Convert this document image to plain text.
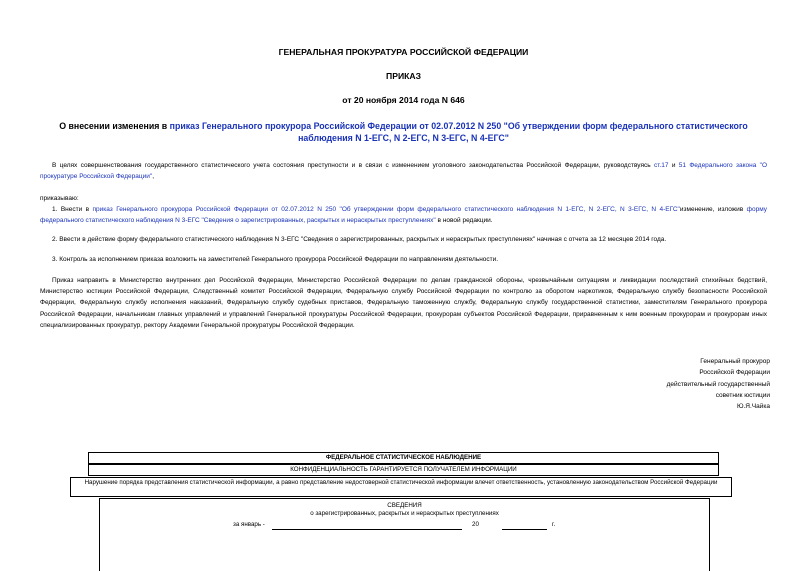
ГЕНЕРАЛЬНАЯ ПРОКУРАТУРА РОССИЙСКОЙ ФЕДЕРАЦИИ
ПРИКАЗ
от 20 ноября 2014 года N 646
О внесении изменения в приказ Генерального прокурора Российской Федерации от 02.07.2012 N 250 "Об утверждении форм федерального статистического наблюдения N 1-ЕГС, N 2-ЕГС, N 3-ЕГС, N 4-ЕГС"
В целях совершенствования государственного статистического учета состояния преступности и в связи с изменением уголовного законодательства Российской Федерации, руководствуясь ст.17 и 51 Федерального закона "О прокуратуре Российской Федерации",
приказываю:
1. Внести в приказ Генерального прокурора Российской Федерации от 02.07.2012 N 250 "Об утверждении форм федерального статистического наблюдения N 1-ЕГС, N 2-ЕГС, N 3-ЕГС, N 4-ЕГС"изменение, изложив форму федерального статистического наблюдения N 3-ЕГС "Сведения о зарегистрированных, раскрытых и нераскрытых преступлениях" в новой редакции.
2. Ввести в действие форму федерального статистического наблюдения N 3-ЕГС "Сведения о зарегистрированных, раскрытых и нераскрытых преступлениях" начиная с отчета за 12 месяцев 2014 года.
3. Контроль за исполнением приказа возложить на заместителей Генерального прокурора Российской Федерации по направлениям деятельности.
Приказ направить в Министерство внутренних дел Российской Федерации, Министерство Российской Федерации по делам гражданской обороны, чрезвычайным ситуациям и ликвидации последствий стихийных бедствий, Министерство юстиции Российской Федерации, Следственный комитет Российской Федерации, Федеральную службу Российской Федерации по контролю за оборотом наркотиков, Федеральную службу безопасности Российской Федерации, Федеральную службу исполнения наказаний, Федеральную службу судебных приставов, Федеральную таможенную службу, Федеральную службу государственной статистики, заместителям Генерального прокурора Российской Федерации, начальникам главных управлений и управлений Генеральной прокуратуры Российской Федерации, прокурорам субъектов Российской Федерации, приравненным к ним военным прокурорам и прокурорам иных специализированных прокуратур, ректору Академии Генеральной прокуратуры Российской Федерации.
Генеральный прокурор
Российской Федерации
действительный государственный
советник юстиции
Ю.Я.Чайка
ФЕДЕРАЛЬНОЕ СТАТИСТИЧЕСКОЕ НАБЛЮДЕНИЕ
КОНФИДЕНЦИАЛЬНОСТЬ ГАРАНТИРУЕТСЯ ПОЛУЧАТЕЛЕМ ИНФОРМАЦИИ
Нарушение порядка представления статистической информации, а равно представление недостоверной статистической информации влечет ответственность, установленную законодательством Российской Федерации
СВЕДЕНИЯ
о зарегистрированных, раскрытых и нераскрытых преступлениях
за январь -	20	г.
